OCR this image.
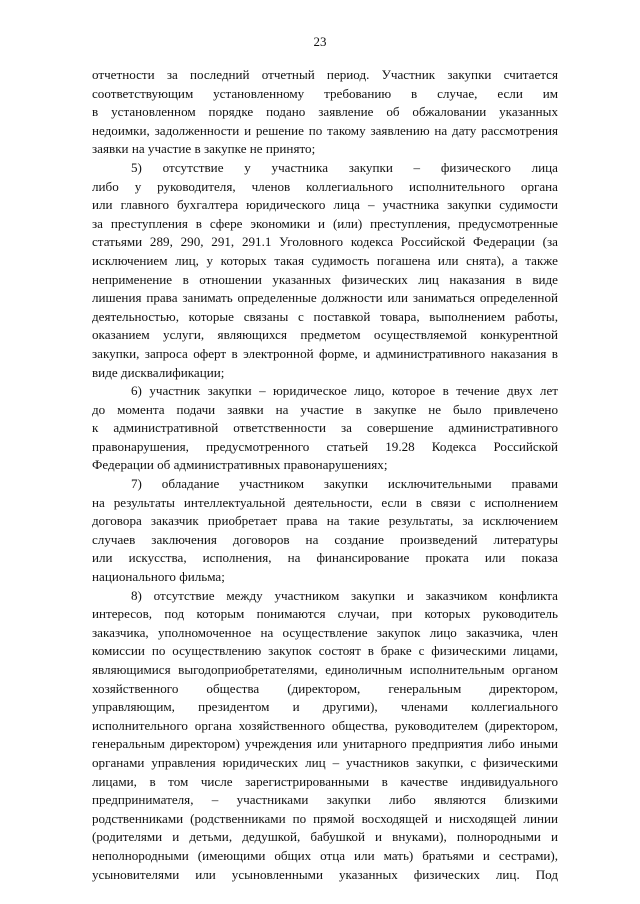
23
отчетности за последний отчетный период. Участник закупки считается
соответствующим установленному требованию в случае, если им
в установленном порядке подано заявление об обжаловании указанных
недоимки, задолженности и решение по такому заявлению на дату рассмотрения
заявки на участие в закупке не принято;
5) отсутствие у участника закупки – физического лица
либо у руководителя, членов коллегиального исполнительного органа
или главного бухгалтера юридического лица – участника закупки судимости
за преступления в сфере экономики и (или) преступления, предусмотренные
статьями 289, 290, 291, 291.1 Уголовного кодекса Российской Федерации (за
исключением лиц, у которых такая судимость погашена или снята), а также
неприменение в отношении указанных физических лиц наказания в виде
лишения права занимать определенные должности или заниматься определенной
деятельностью, которые связаны с поставкой товара, выполнением работы,
оказанием услуги, являющихся предметом осуществляемой конкурентной
закупки, запроса оферт в электронной форме, и административного наказания в
виде дисквалификации;
6) участник закупки – юридическое лицо, которое в течение двух лет
до момента подачи заявки на участие в закупке не было привлечено
к административной ответственности за совершение административного
правонарушения, предусмотренного статьей 19.28 Кодекса Российской
Федерации об административных правонарушениях;
7) обладание участником закупки исключительными правами
на результаты интеллектуальной деятельности, если в связи с исполнением
договора заказчик приобретает права на такие результаты, за исключением
случаев заключения договоров на создание произведений литературы
или искусства, исполнения, на финансирование проката или показа
национального фильма;
8) отсутствие между участником закупки и заказчиком конфликта
интересов, под которым понимаются случаи, при которых руководитель
заказчика, уполномоченное на осуществление закупок лицо заказчика, член
комиссии по осуществлению закупок состоят в браке с физическими лицами,
являющимися выгодоприобретателями, единоличным исполнительным органом
хозяйственного общества (директором, генеральным директором,
управляющим, президентом и другими), членами коллегиального
исполнительного органа хозяйственного общества, руководителем (директором,
генеральным директором) учреждения или унитарного предприятия либо иными
органами управления юридических лиц – участников закупки, с физическими
лицами, в том числе зарегистрированными в качестве индивидуального
предпринимателя, – участниками закупки либо являются близкими
родственниками (родственниками по прямой восходящей и нисходящей линии
(родителями и детьми, дедушкой, бабушкой и внуками), полнородными и
неполнородными (имеющими общих отца или мать) братьями и сестрами),
усыновителями или усыновленными указанных физических лиц. Под
